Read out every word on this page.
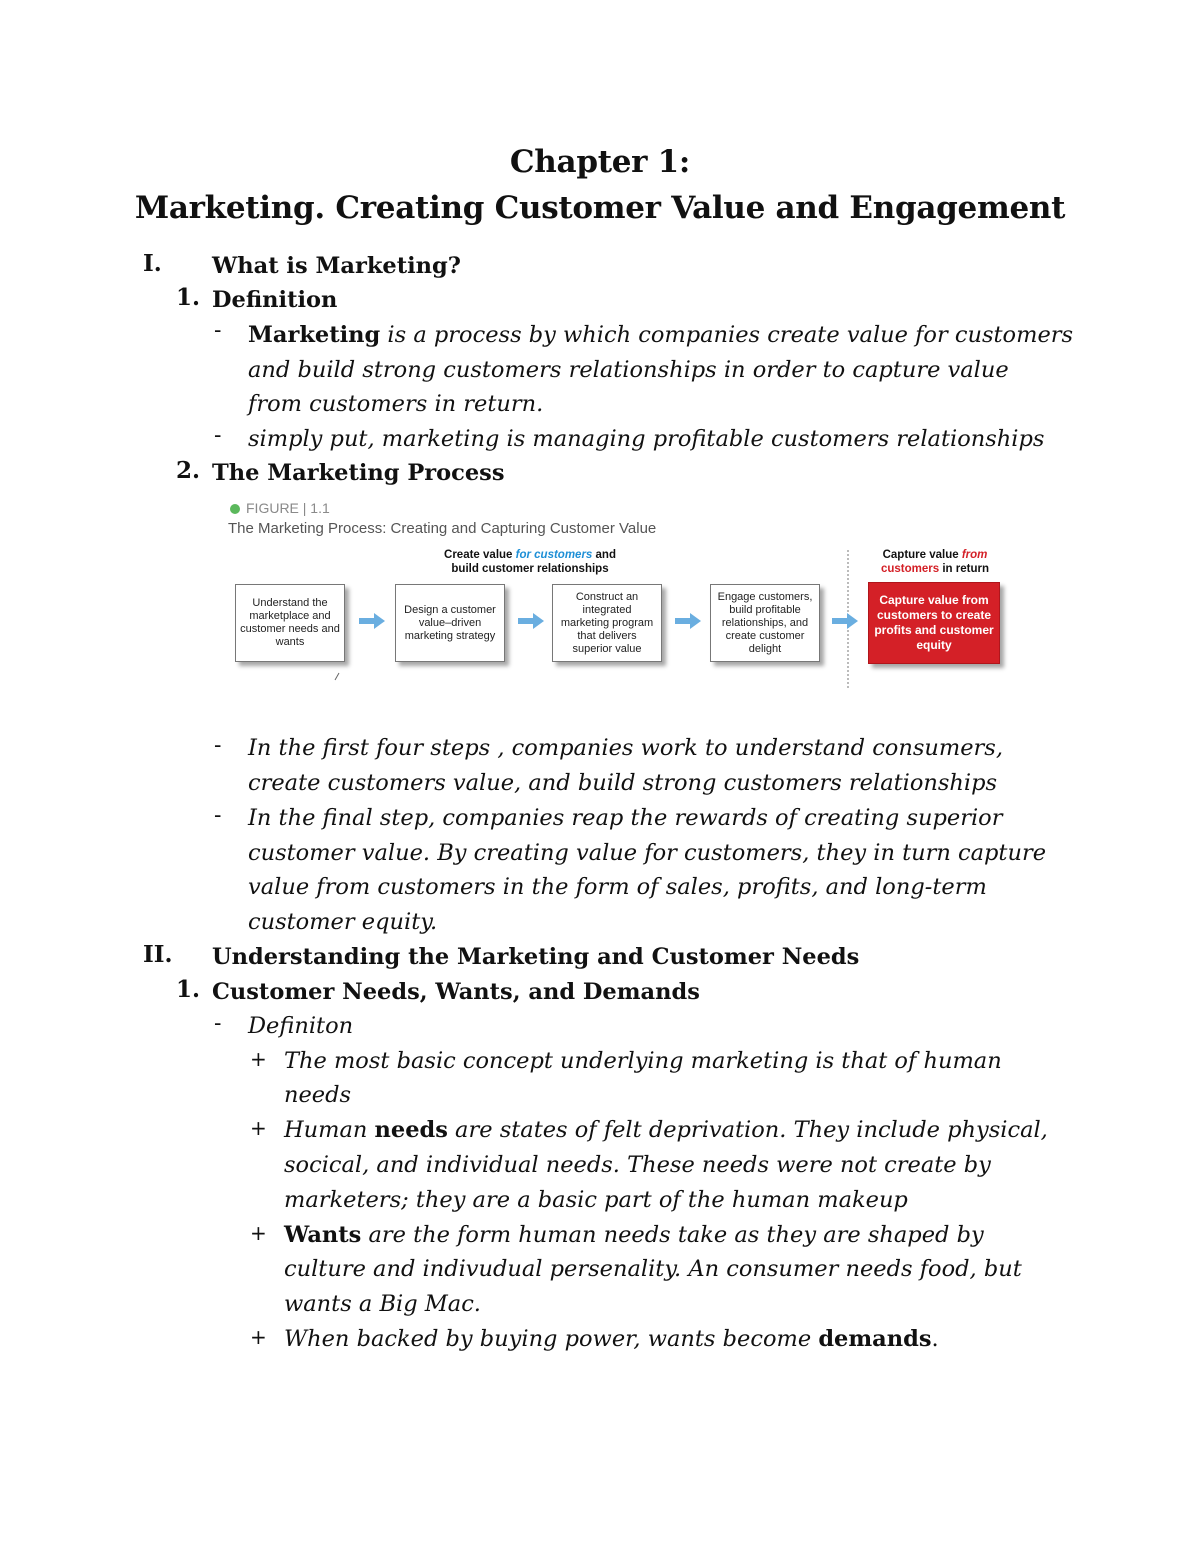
Chapter 1:
Marketing. Creating Customer Value and Engagement
I. What is Marketing?
1. Definition
- Marketing is a process by which companies create value for customers
and build strong customers relationships in order to capture value
from customers in return.
- simply put, marketing is managing profitable customers relationships
2. The Marketing Process
FIGURE | 1.1
The Marketing Process: Creating and Capturing Customer Value
Create value for customers and
build customer relationships
Capture value from
customers in return
Understand the marketplace and customer needs and wants
Design a customer value–driven marketing strategy
Construct an integrated marketing program that delivers superior value
Engage customers, build profitable relationships, and create customer delight
Capture value from customers to create profits and customer equity
- In the first four steps , companies work to understand consumers,
create customers value, and build strong customers relationships
- In the final step, companies reap the rewards of creating superior
customer value. By creating value for customers, they in turn capture
value from customers in the form of sales, profits, and long-term
customer equity.
II. Understanding the Marketing and Customer Needs
1. Customer Needs, Wants, and Demands
- Definiton
+ The most basic concept underlying marketing is that of human
needs
+ Human needs are states of felt deprivation. They include physical,
socical, and individual needs. These needs were not create by
marketers; they are a basic part of the human makeup
+ Wants are the form human needs take as they are shaped by
culture and indivudual persenality. An consumer needs food, but
wants a Big Mac.
+ When backed by buying power, wants become demands.
